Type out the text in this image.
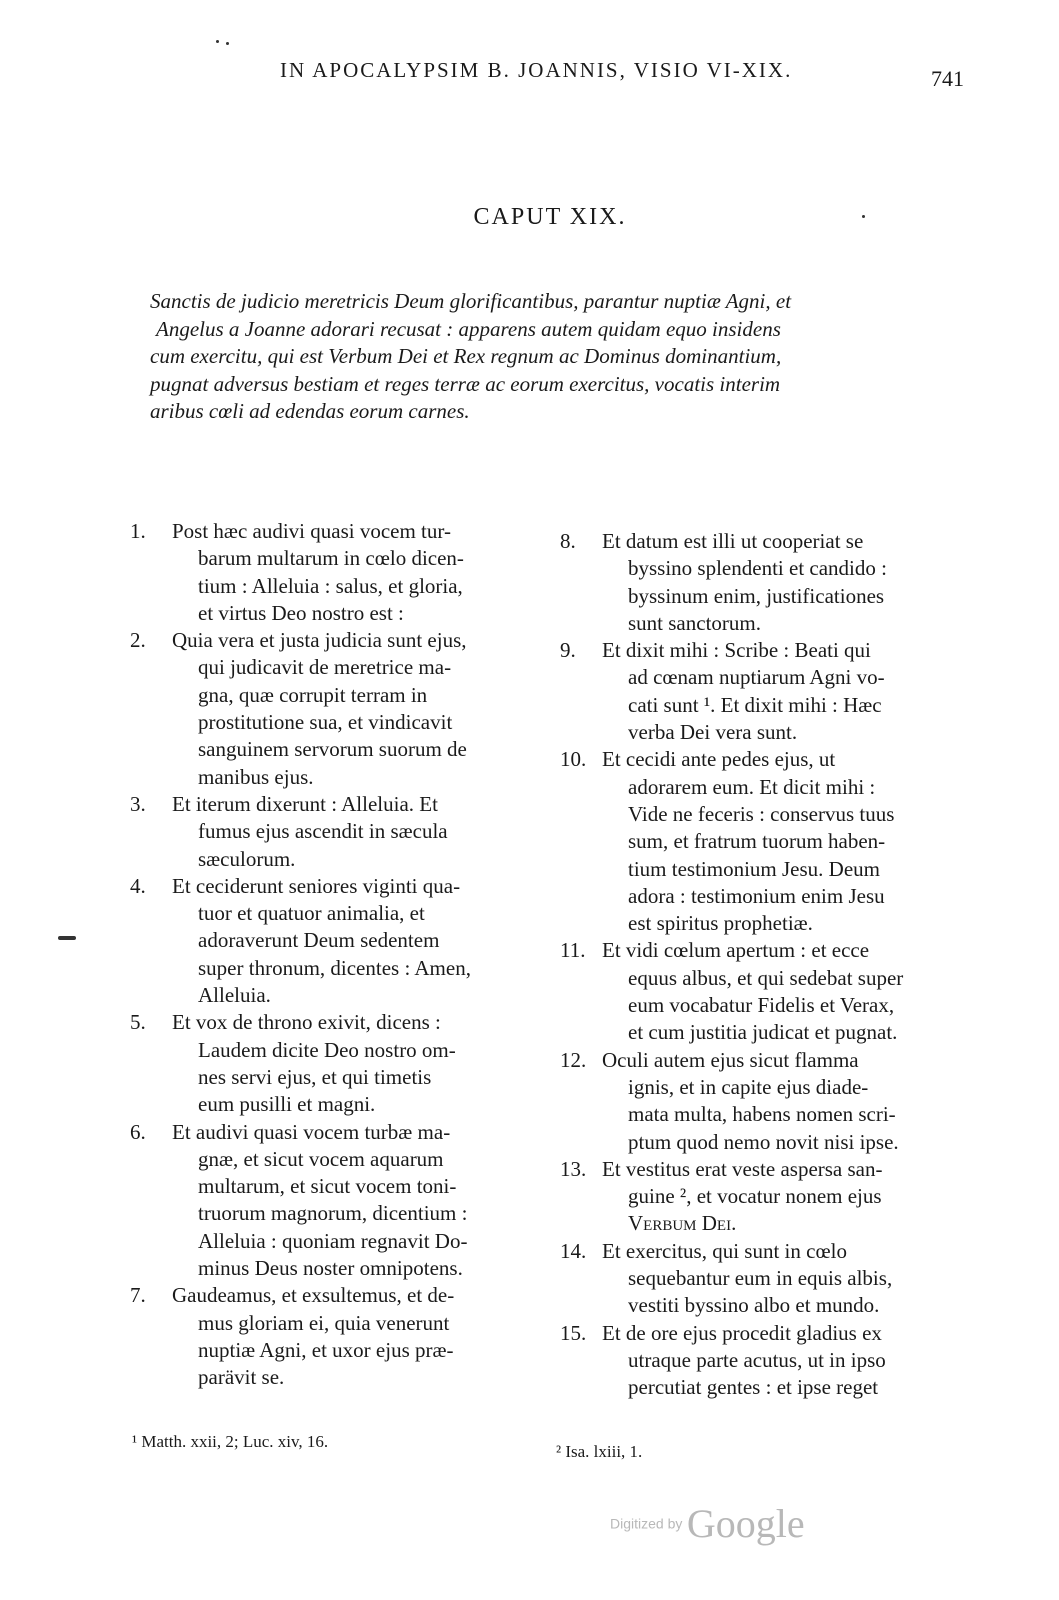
IN APOCALYPSIM B. JOANNIS, VISIO VI-XIX.	741
CAPUT XIX.
Sanctis de judicio meretricis Deum glorificantibus, parantur nuptiæ Agni, et
Angelus a Joanne adorari recusat : apparens autem quidam equo insidens
cum exercitu, qui est Verbum Dei et Rex regnum ac Dominus dominantium,
pugnat adversus bestiam et reges terræ ac eorum exercitus, vocatis interim
aribus cœli ad edendas eorum carnes.
1. Post hæc audivi quasi vocem tur-
barum multarum in cœlo dicen-
tium : Alleluia : salus, et gloria,
et virtus Deo nostro est :
2. Quia vera et justa judicia sunt ejus,
qui judicavit de meretrice ma-
gna, quæ corrupit terram in
prostitutione sua, et vindicavit
sanguinem servorum suorum de
manibus ejus.
3. Et iterum dixerunt : Alleluia. Et
fumus ejus ascendit in sæcula
sæculorum.
4. Et ceciderunt seniores viginti qua-
tuor et quatuor animalia, et
adoraverunt Deum sedentem
super thronum, dicentes : Amen,
Alleluia.
5. Et vox de throno exivit, dicens :
Laudem dicite Deo nostro om-
nes servi ejus, et qui timetis
eum pusilli et magni.
6. Et audivi quasi vocem turbæ ma-
gnæ, et sicut vocem aquarum
multarum, et sicut vocem toni-
truorum magnorum, dicentium :
Alleluia : quoniam regnavit Do-
minus Deus noster omnipotens.
7. Gaudeamus, et exsultemus, et de-
mus gloriam ei, quia venerunt
nuptiæ Agni, et uxor ejus præ-
parävit se.
8. Et datum est illi ut cooperiat se
byssino splendenti et candido :
byssinum enim, justificationes
sunt sanctorum.
9. Et dixit mihi : Scribe : Beati qui
ad cœnam nuptiarum Agni vo-
cati sunt ¹. Et dixit mihi : Hæc
verba Dei vera sunt.
10. Et cecidi ante pedes ejus, ut
adorarem eum. Et dicit mihi :
Vide ne feceris : conservus tuus
sum, et fratrum tuorum haben-
tium testimonium Jesu. Deum
adora : testimonium enim Jesu
est spiritus prophetiæ.
11. Et vidi cœlum apertum : et ecce
equus albus, et qui sedebat super
eum vocabatur Fidelis et Verax,
et cum justitia judicat et pugnat.
12. Oculi autem ejus sicut flamma
ignis, et in capite ejus diade-
mata multa, habens nomen scri-
ptum quod nemo novit nisi ipse.
13. Et vestitus erat veste aspersa san-
guine ², et vocatur nonem ejus
Verbum Dei.
14. Et exercitus, qui sunt in cœlo
sequebantur eum in equis albis,
vestiti byssino albo et mundo.
15. Et de ore ejus procedit gladius ex
utraque parte acutus, ut in ipso
percutiat gentes : et ipse reget
¹ Matth. xxii, 2; Luc. xiv, 16.
² Isa. lxiii, 1.
Digitized by Google
